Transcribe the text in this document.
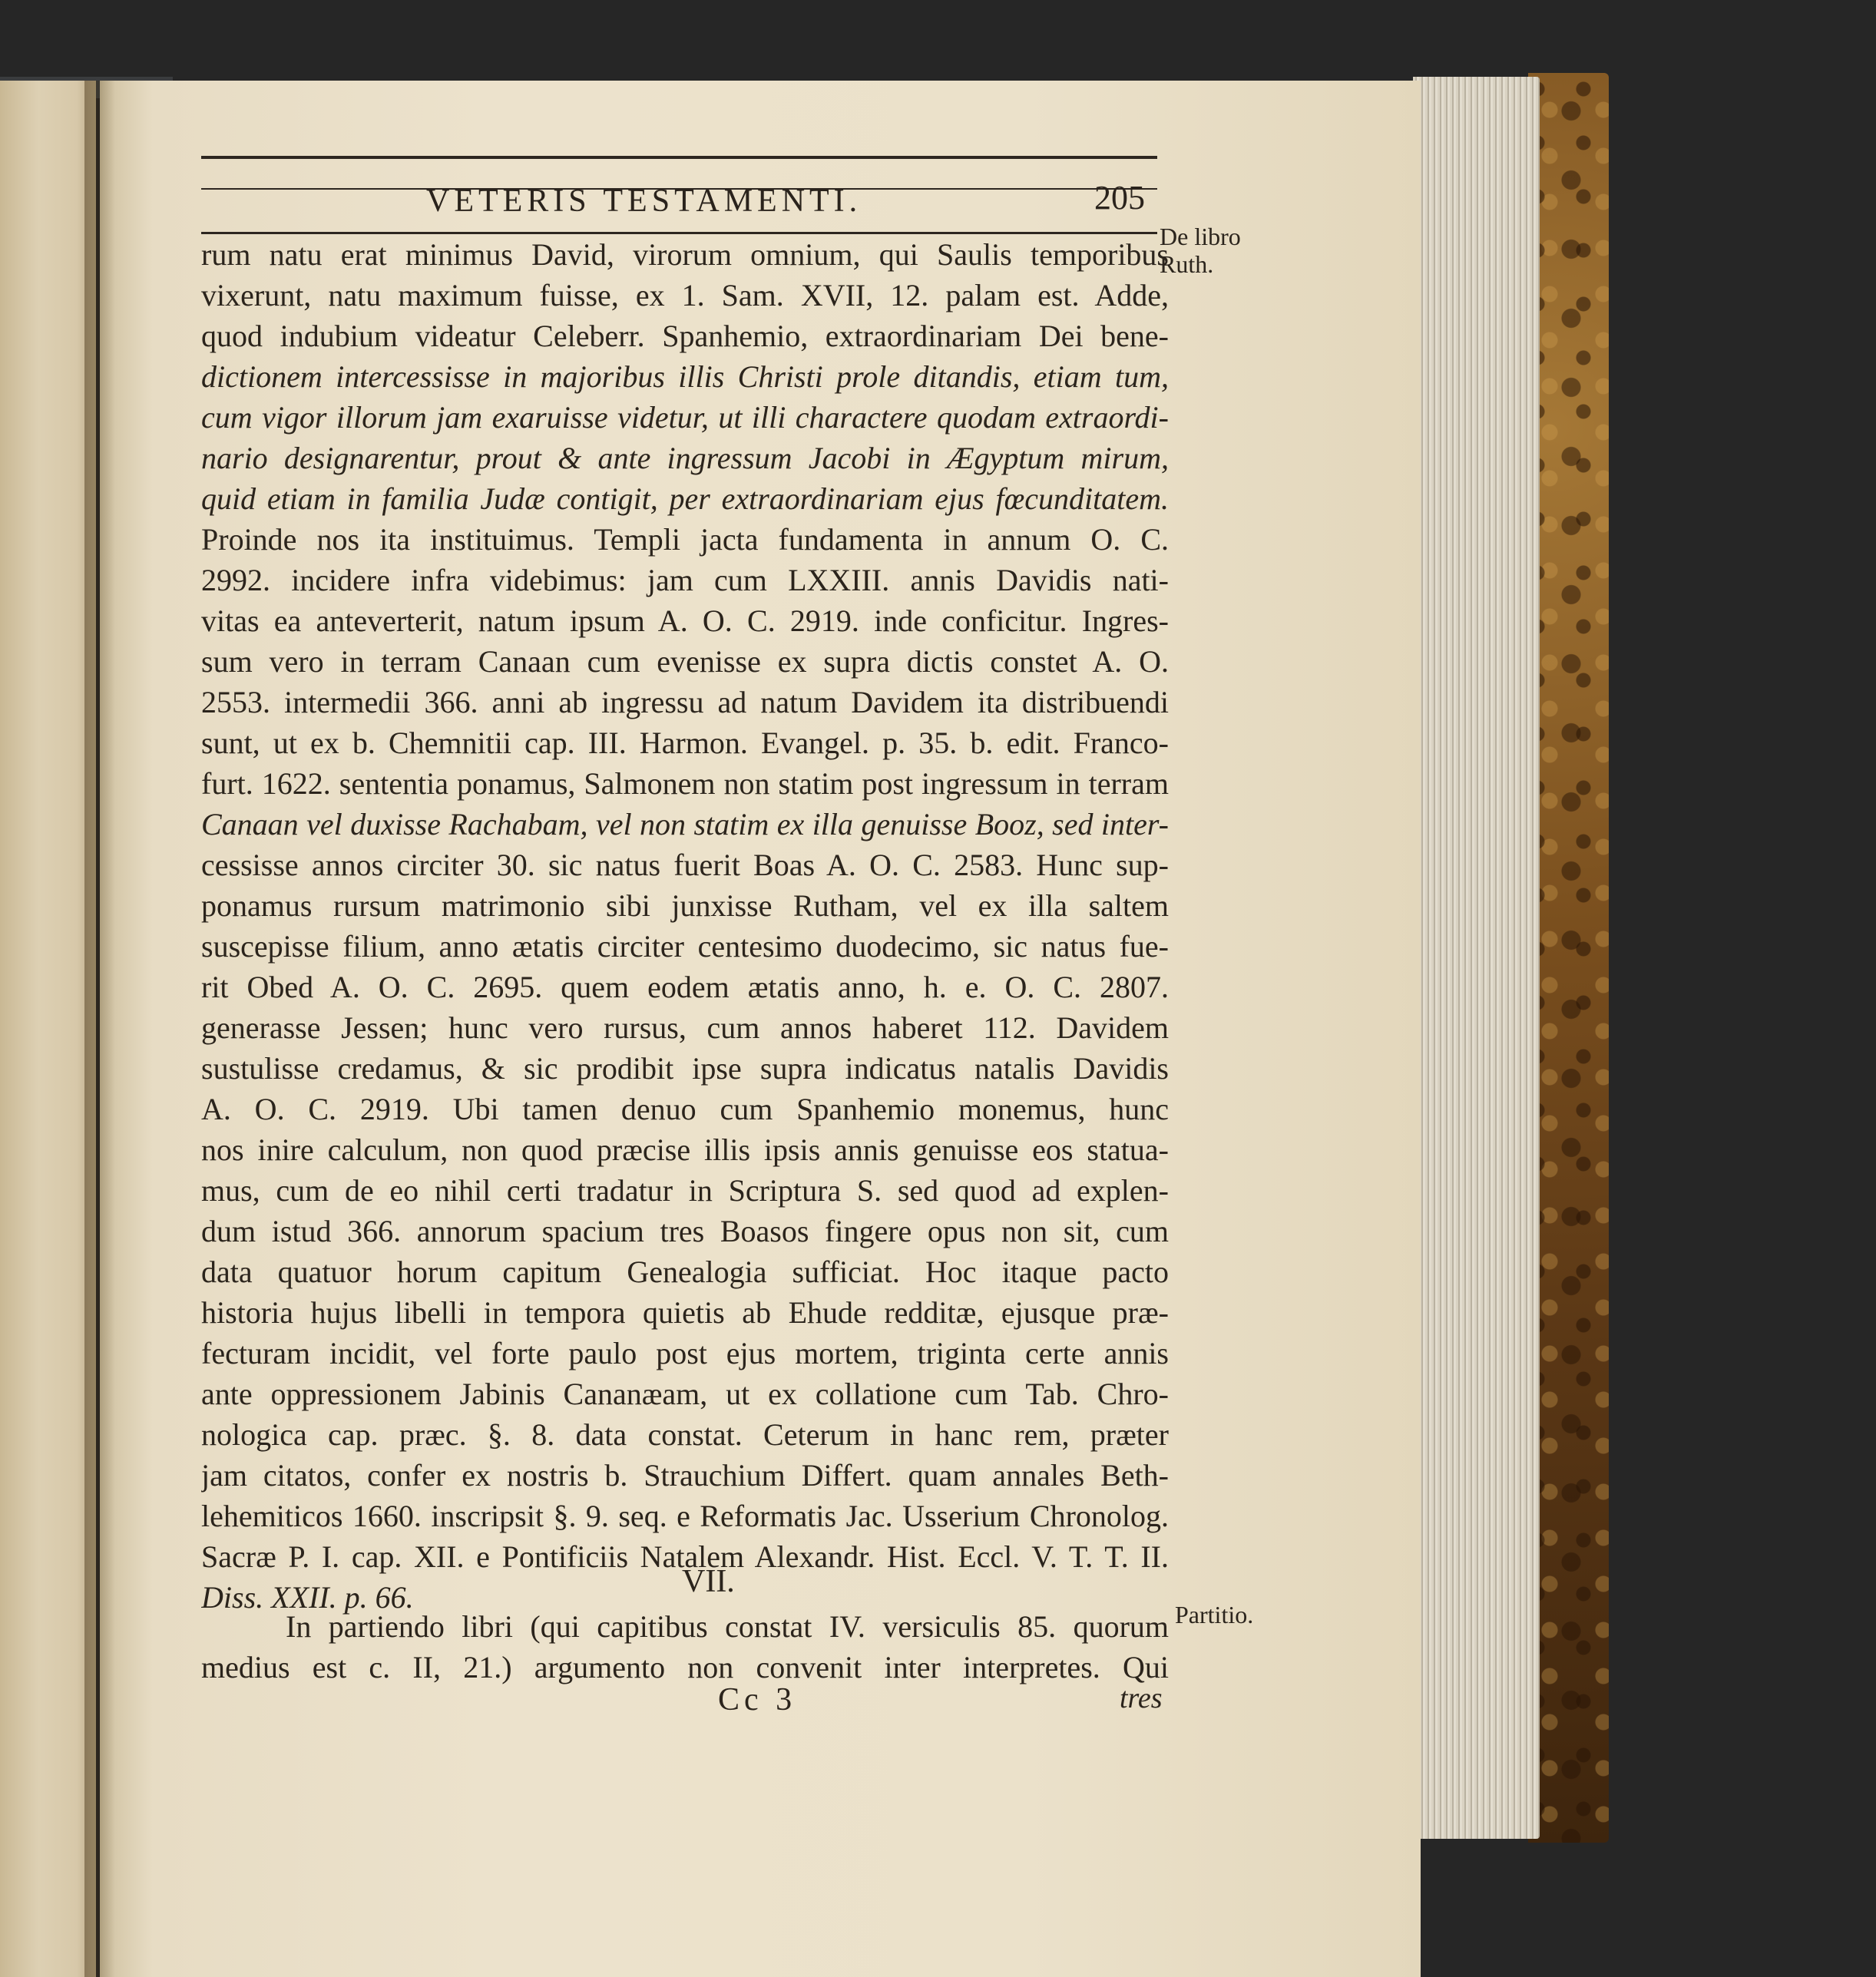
VETERIS TESTAMENTI.	205
De libro
Ruth.
rum natu erat minimus David, virorum omnium, qui Saulis temporibus
vixerunt, natu maximum fuisse, ex 1. Sam. XVII, 12. palam est. Adde,
quod indubium videatur Celeberr. Spanhemio, extraordinariam Dei bene-
dictionem intercessisse in majoribus illis Christi prole ditandis, etiam tum,
cum vigor illorum jam exaruisse videtur, ut illi charactere quodam extraordi-
nario designarentur, prout & ante ingressum Jacobi in Ægyptum mirum,
quid etiam in familia Judæ contigit, per extraordinariam ejus fœcunditatem.
Proinde nos ita instituimus. Templi jacta fundamenta in annum O. C.
2992. incidere infra videbimus: jam cum LXXIII. annis Davidis nati-
vitas ea anteverterit, natum ipsum A. O. C. 2919. inde conficitur. Ingres-
sum vero in terram Canaan cum evenisse ex supra dictis constet A. O.
2553. intermedii 366. anni ab ingressu ad natum Davidem ita distribuendi
sunt, ut ex b. Chemnitii cap. III. Harmon. Evangel. p. 35. b. edit. Franco-
furt. 1622. sententia ponamus, Salmonem non statim post ingressum in terram
Canaan vel duxisse Rachabam, vel non statim ex illa genuisse Booz, sed inter-
cessisse annos circiter 30. sic natus fuerit Boas A. O. C. 2583. Hunc sup-
ponamus rursum matrimonio sibi junxisse Rutham, vel ex illa saltem
suscepisse filium, anno ætatis circiter centesimo duodecimo, sic natus fue-
rit Obed A. O. C. 2695. quem eodem ætatis anno, h. e. O. C. 2807.
generasse Jessen; hunc vero rursus, cum annos haberet 112. Davidem
sustulisse credamus, & sic prodibit ipse supra indicatus natalis Davidis
A. O. C. 2919. Ubi tamen denuo cum Spanhemio monemus, hunc
nos inire calculum, non quod præcise illis ipsis annis genuisse eos statua-
mus, cum de eo nihil certi tradatur in Scriptura S. sed quod ad explen-
dum istud 366. annorum spacium tres Boasos fingere opus non sit, cum
data quatuor horum capitum Genealogia sufficiat. Hoc itaque pacto
historia hujus libelli in tempora quietis ab Ehude redditæ, ejusque præ-
fecturam incidit, vel forte paulo post ejus mortem, triginta certe annis
ante oppressionem Jabinis Cananæam, ut ex collatione cum Tab. Chro-
nologica cap. præc. §. 8. data constat. Ceterum in hanc rem, præter
jam citatos, confer ex nostris b. Strauchium Differt. quam annales Beth-
lehemiticos 1660. inscripsit §. 9. seq. e Reformatis Jac. Usserium Chronolog.
Sacræ P. I. cap. XII. e Pontificiis Natalem Alexandr. Hist. Eccl. V. T. T. II.
Diss. XXII. p. 66.	VII.
In partiendo libri (qui capitibus constat IV. versiculis 85. quorum
medius est c. II, 21.) argumento non convenit inter interpretes. Qui
Partitio.
Cc 3	tres
